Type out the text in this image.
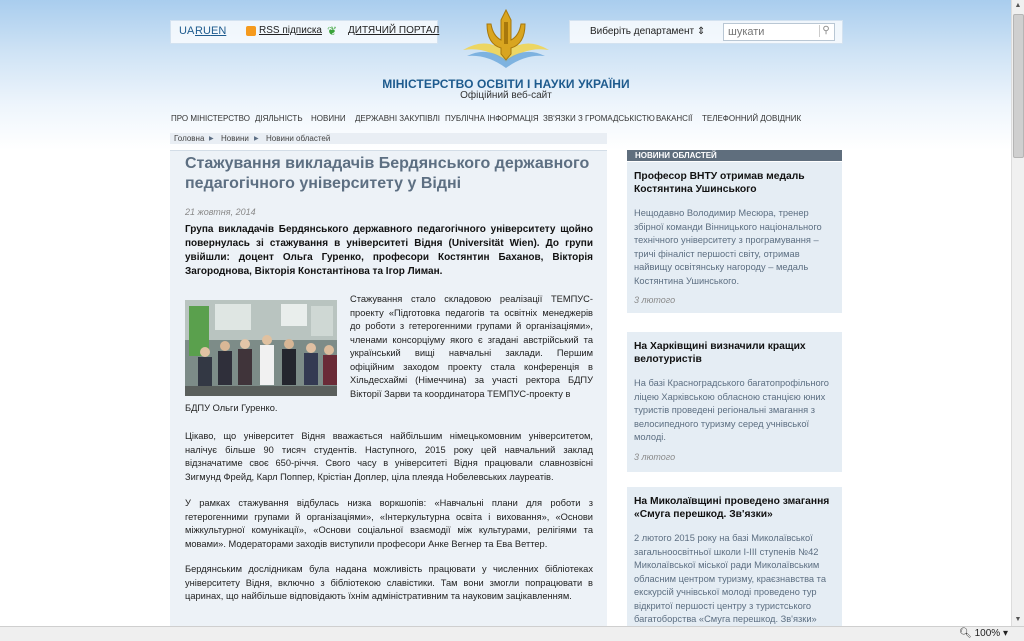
UA RU EN	RSS підписка ❦ ДИТЯЧИЙ ПОРТАЛ	Виберіть департамент ⇕
шукати	⚲
МІНІСТЕРСТВО ОСВІТИ І НАУКИ УКРАЇНИ
Офіційний веб-сайт
ПРО МІНІСТЕРСТВО ДІЯЛЬНІСТЬ НОВИНИ ДЕРЖАВНІ ЗАКУПІВЛІ ПУБЛІЧНА ІНФОРМАЦІЯ ЗВ'ЯЗКИ З ГРОМАДСЬКІСТЮ ВАКАНСІЇ ТЕЛЕФОННИЙ ДОВІДНИК
Головна ▶ Новини ▶ Новини областей
Стажування викладачів Бердянського державного педагогічного університету у Відні
21 жовтня, 2014
Група викладачів Бердянського державного педагогічного університету щойно повернулась зі стажування в університеті Відня (Universität Wien). До групи увійшли: доцент Ольга Гуренко, професори Костянтин Баханов, Вікторія Загороднова, Вікторія Константінова та Ігор Лиман.
Стажування стало складовою реалізації ТЕМПУС-проекту «Підготовка педагогів та освітніх менеджерів до роботи з гетерогенними групами й організаціями», членами консорціуму якого є згадані австрійський та український вищі навчальні заклади. Першим офіційним заходом проекту стала конференція в Хільдесхаймі (Німеччина) за участі ректора БДПУ Вікторії Зарви та координатора ТЕМПУС-проекту в
БДПУ Ольги Гуренко.
Цікаво, що університет Відня вважається найбільшим німецькомовним університетом, налічує більше 90 тисяч студентів. Наступного, 2015 року цей навчальний заклад відзначатиме своє 650-річчя. Свого часу в університеті Відня працювали славнозвісні Зигмунд Фрейд, Карл Поппер, Крістіан Доплер, ціла плеяда Нобелевських лауреатів.
У рамках стажування відбулась низка воркшопів: «Навчальні плани для роботи з гетерогенними групами й організаціями», «Інтеркультурна освіта і виховання», «Основи міжкультурної комунікації», «Основи соціальної взаємодії між культурами, релігіями та мовами». Модераторами заходів виступили професори Анке Вегнер та Ева Веттер.
Бердянським дослідникам була надана можливість працювати у численних бібліотеках університету Відня, включно з бібліотекою славістики. Там вони змогли попрацювати в царинах, що найбільше відповідають їхнім адміністративним та науковим зацікавленням.
НОВИНИ ОБЛАСТЕЙ
Професор ВНТУ отримав медаль Костянтина Ушинського
Нещодавно Володимир Месюра, тренер збірної команди Вінницького національного технічного університету з програмування – тричі фіналіст першості світу, отримав найвищу освітянську нагороду – медаль Костянтина Ушинського.
3 лютого
На Харківщині визначили кращих велотуристів
На базі Красноградського багатопрофільного ліцею Харківською обласною станцією юних туристів проведені регіональні змагання з велосипедного туризму серед учнівської молоді.
3 лютого
На Миколаївщині проведено змагання «Смуга перешкод. Зв'язки»
2 лютого 2015 року на базі Миколаївської загальноосвітньої школи І-ІІІ ступенів №42 Миколаївської міської ради Миколаївським обласним центром туризму, краєзнавства та екскурсій учнівської молоді проведено тур відкритої першості центру з туристського багатоборства «Смуга перешкод. Зв'язки»
▲
▼
🔍︎ 100% ▾
